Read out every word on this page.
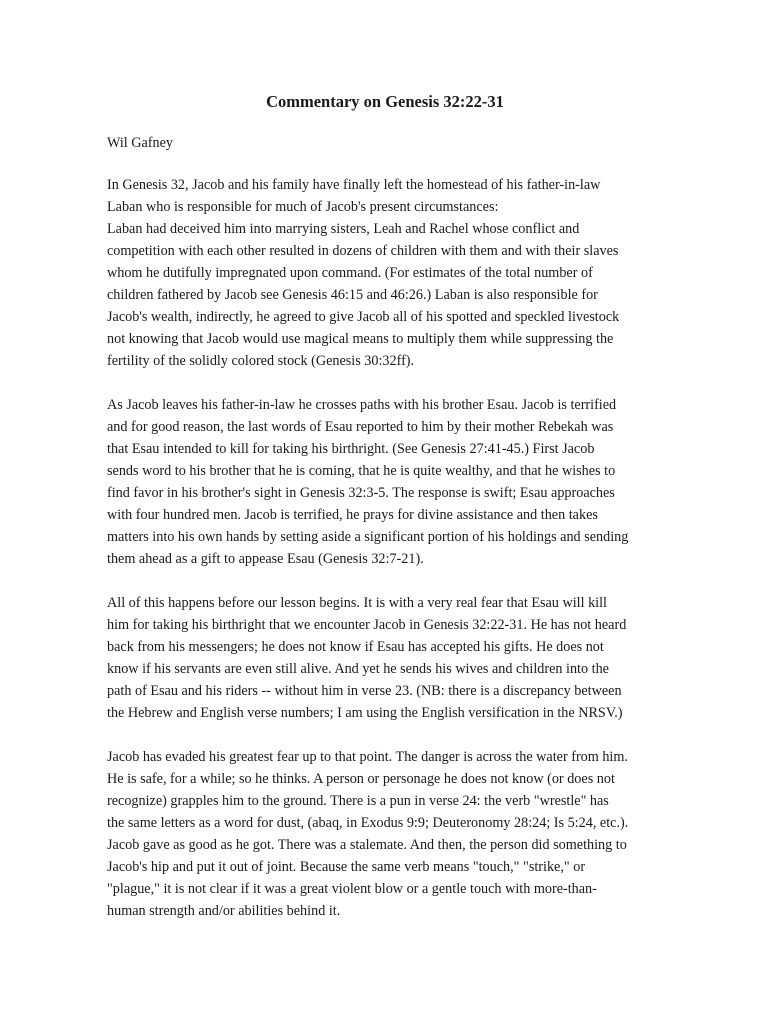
Commentary on Genesis 32:22-31

Wil Gafney

In Genesis 32, Jacob and his family have finally left the homestead of his father-in-law
Laban who is responsible for much of Jacob's present circumstances:
Laban had deceived him into marrying sisters, Leah and Rachel whose conflict and
competition with each other resulted in dozens of children with them and with their slaves
whom he dutifully impregnated upon command. (For estimates of the total number of
children fathered by Jacob see Genesis 46:15 and 46:26.) Laban is also responsible for
Jacob's wealth, indirectly, he agreed to give Jacob all of his spotted and speckled livestock
not knowing that Jacob would use magical means to multiply them while suppressing the
fertility of the solidly colored stock (Genesis 30:32ff).

As Jacob leaves his father-in-law he crosses paths with his brother Esau. Jacob is terrified
and for good reason, the last words of Esau reported to him by their mother Rebekah was
that Esau intended to kill for taking his birthright. (See Genesis 27:41-45.) First Jacob
sends word to his brother that he is coming, that he is quite wealthy, and that he wishes to
find favor in his brother's sight in Genesis 32:3-5. The response is swift; Esau approaches
with four hundred men. Jacob is terrified, he prays for divine assistance and then takes
matters into his own hands by setting aside a significant portion of his holdings and sending
them ahead as a gift to appease Esau (Genesis 32:7-21).

All of this happens before our lesson begins. It is with a very real fear that Esau will kill
him for taking his birthright that we encounter Jacob in Genesis 32:22-31. He has not heard
back from his messengers; he does not know if Esau has accepted his gifts. He does not
know if his servants are even still alive. And yet he sends his wives and children into the
path of Esau and his riders -- without him in verse 23. (NB: there is a discrepancy between
the Hebrew and English verse numbers; I am using the English versification in the NRSV.)

Jacob has evaded his greatest fear up to that point. The danger is across the water from him.
He is safe, for a while; so he thinks. A person or personage he does not know (or does not
recognize) grapples him to the ground. There is a pun in verse 24: the verb "wrestle" has
the same letters as a word for dust, (abaq, in Exodus 9:9; Deuteronomy 28:24; Is 5:24, etc.).
Jacob gave as good as he got. There was a stalemate. And then, the person did something to
Jacob's hip and put it out of joint. Because the same verb means "touch," "strike," or
"plague," it is not clear if it was a great violent blow or a gentle touch with more-than-
human strength and/or abilities behind it.
